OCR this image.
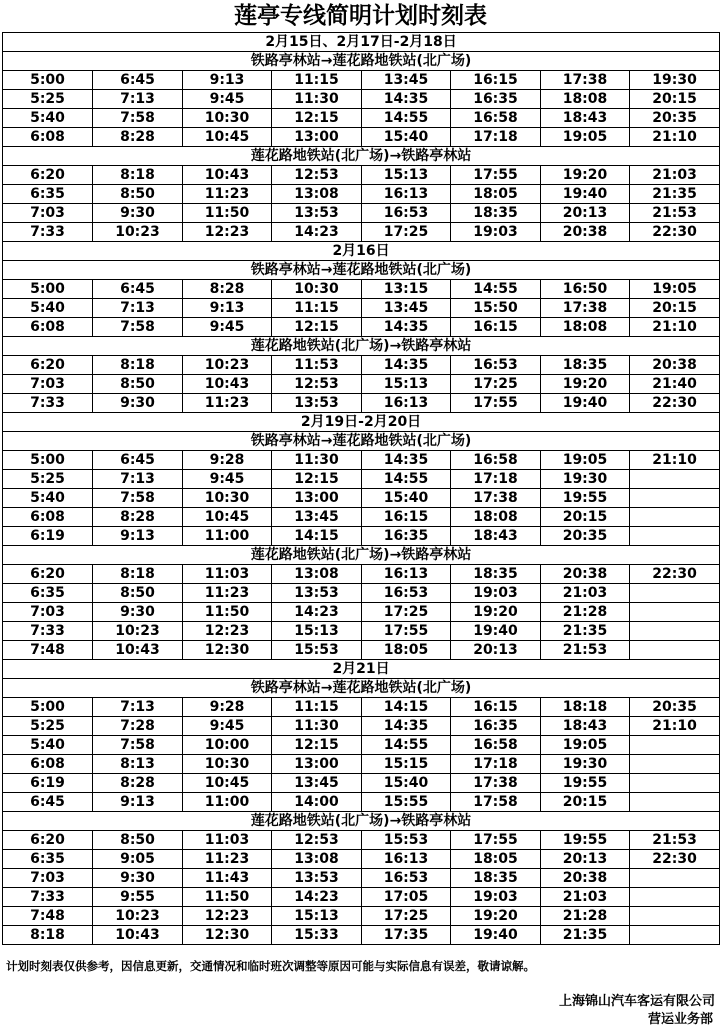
莲亭专线简明计划时刻表
2月15日、2月17日-2月18日							
铁路亭林站→莲花路地铁站(北广场)							
5:00	6:45	9:13	11:15	13:45	16:15	17:38	19:30
5:25	7:13	9:45	11:30	14:35	16:35	18:08	20:15
5:40	7:58	10:30	12:15	14:55	16:58	18:43	20:35
6:08	8:28	10:45	13:00	15:40	17:18	19:05	21:10
莲花路地铁站(北广场)→铁路亭林站							
6:20	8:18	10:43	12:53	15:13	17:55	19:20	21:03
6:35	8:50	11:23	13:08	16:13	18:05	19:40	21:35
7:03	9:30	11:50	13:53	16:53	18:35	20:13	21:53
7:33	10:23	12:23	14:23	17:25	19:03	20:38	22:30
2月16日							
铁路亭林站→莲花路地铁站(北广场)							
5:00	6:45	8:28	10:30	13:15	14:55	16:50	19:05
5:40	7:13	9:13	11:15	13:45	15:50	17:38	20:15
6:08	7:58	9:45	12:15	14:35	16:15	18:08	21:10
莲花路地铁站(北广场)→铁路亭林站							
6:20	8:18	10:23	11:53	14:35	16:53	18:35	20:38
7:03	8:50	10:43	12:53	15:13	17:25	19:20	21:40
7:33	9:30	11:23	13:53	16:13	17:55	19:40	22:30
2月19日-2月20日							
铁路亭林站→莲花路地铁站(北广场)							
5:00	6:45	9:28	11:30	14:35	16:58	19:05	21:10
5:25	7:13	9:45	12:15	14:55	17:18	19:30	
5:40	7:58	10:30	13:00	15:40	17:38	19:55	
6:08	8:28	10:45	13:45	16:15	18:08	20:15	
6:19	9:13	11:00	14:15	16:35	18:43	20:35	
莲花路地铁站(北广场)→铁路亭林站							
6:20	8:18	11:03	13:08	16:13	18:35	20:38	22:30
6:35	8:50	11:23	13:53	16:53	19:03	21:03	
7:03	9:30	11:50	14:23	17:25	19:20	21:28	
7:33	10:23	12:23	15:13	17:55	19:40	21:35	
7:48	10:43	12:30	15:53	18:05	20:13	21:53	
2月21日							
铁路亭林站→莲花路地铁站(北广场)							
5:00	7:13	9:28	11:15	14:15	16:15	18:18	20:35
5:25	7:28	9:45	11:30	14:35	16:35	18:43	21:10
5:40	7:58	10:00	12:15	14:55	16:58	19:05	
6:08	8:13	10:30	13:00	15:15	17:18	19:30	
6:19	8:28	10:45	13:45	15:40	17:38	19:55	
6:45	9:13	11:00	14:00	15:55	17:58	20:15	
莲花路地铁站(北广场)→铁路亭林站							
6:20	8:50	11:03	12:53	15:53	17:55	19:55	21:53
6:35	9:05	11:23	13:08	16:13	18:05	20:13	22:30
7:03	9:30	11:43	13:53	16:53	18:35	20:38	
7:33	9:55	11:50	14:23	17:05	19:03	21:03	
7:48	10:23	12:23	15:13	17:25	19:20	21:28	
8:18	10:43	12:30	15:33	17:35	19:40	21:35	
计划时刻表仅供参考，因信息更新，交通情况和临时班次调整等原因可能与实际信息有误差，敬请谅解。
上海锦山汽车客运有限公司
营运业务部
